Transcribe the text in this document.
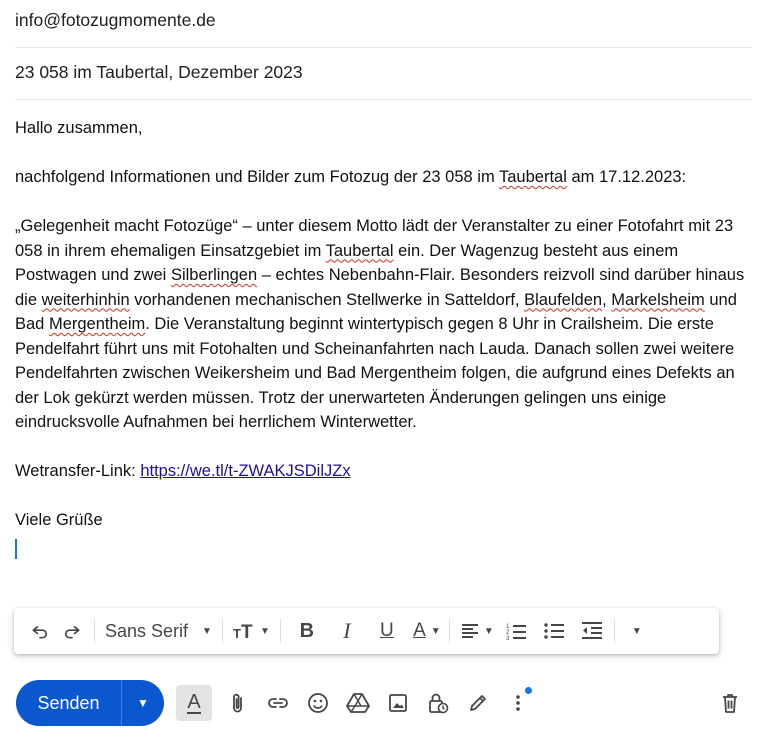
info@fotozugmomente.de
23 058 im Taubertal, Dezember 2023

Hallo zusammen,

nachfolgend Informationen und Bilder zum Fotozug der 23 058 im Taubertal am 17.12.2023:

„Gelegenheit macht Fotozüge“ – unter diesem Motto lädt der Veranstalter zu einer Fotofahrt mit 23 058 in ihrem ehemaligen Einsatzgebiet im Taubertal ein. Der Wagenzug besteht aus einem Postwagen und zwei Silberlingen – echtes Nebenbahn-Flair. Besonders reizvoll sind darüber hinaus die weiterhinhin vorhandenen mechanischen Stellwerke in Satteldorf, Blaufelden, Markelsheim und Bad Mergentheim. Die Veranstaltung beginnt wintertypisch gegen 8 Uhr in Crailsheim. Die erste Pendelfahrt führt uns mit Fotohalten und Scheinanfahrten nach Lauda. Danach sollen zwei weitere Pendelfahrten zwischen Weikersheim und Bad Mergentheim folgen, die aufgrund eines Defekts an der Lok gekürzt werden müssen. Trotz der unerwarteten Änderungen gelingen uns einige eindrucksvolle Aufnahmen bei herrlichem Winterwetter.

Wetransfer-Link: https://we.tl/t-ZWAKJSDilJZx

Viele Grüße

Sans Serif ▼ T T ▼	B	I	U	A ▼	▼ 1
2
3
▼
Senden	▼	A
